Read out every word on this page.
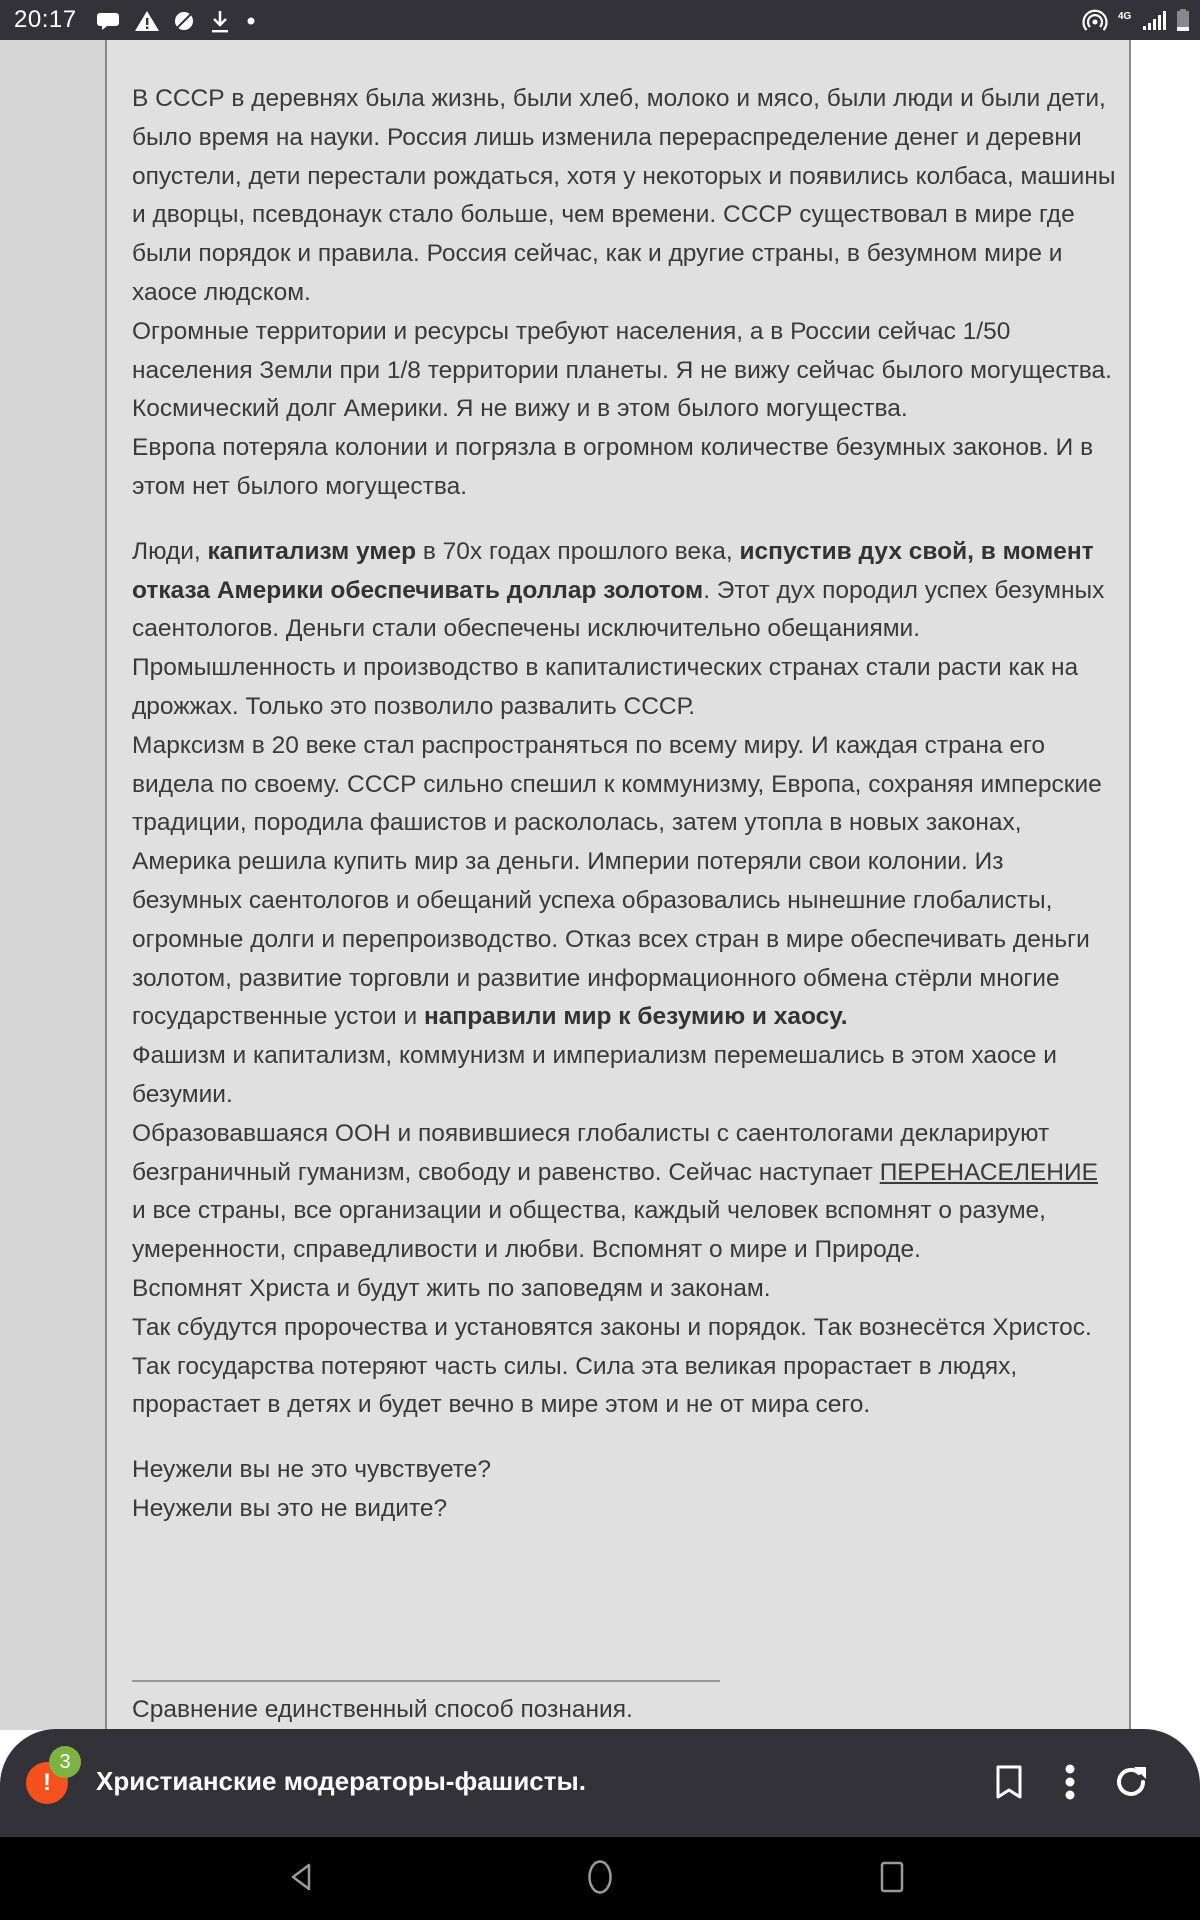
20:17	4G

В СССР в деревнях была жизнь, были хлеб, молоко и мясо, были люди и были дети, было время на науки. Россия лишь изменила перераспределение денег и деревни опустели, дети перестали рождаться, хотя у некоторых и появились колбаса, машины и дворцы, псевдонаук стало больше, чем времени. СССР существовал в мире где были порядок и правила. Россия сейчас, как и другие страны, в безумном мире и хаосе людском.

Огромные территории и ресурсы требуют населения, а в России сейчас 1/50 населения Земли при 1/8 территории планеты. Я не вижу сейчас былого могущества.

Космический долг Америки. Я не вижу и в этом былого могущества.

Европа потеряла колонии и погрязла в огромном количестве безумных законов. И в этом нет былого могущества.

Люди, капитализм умер в 70х годах прошлого века, испустив дух свой, в момент отказа Америки обеспечивать доллар золотом. Этот дух породил успех безумных саентологов. Деньги стали обеспечены исключительно обещаниями. Промышленность и производство в капиталистических странах стали расти как на дрожжах. Только это позволило развалить СССР.

Марксизм в 20 веке стал распространяться по всему миру. И каждая страна его видела по своему. СССР сильно спешил к коммунизму, Европа, сохраняя имперские традиции, породила фашистов и раскололась, затем утопла в новых законах, Америка решила купить мир за деньги. Империи потеряли свои колонии. Из безумных саентологов и обещаний успеха образовались нынешние глобалисты, огромные долги и перепроизводство. Отказ всех стран в мире обеспечивать деньги золотом, развитие торговли и развитие информационного обмена стёрли многие государственные устои и направили мир к безумию и хаосу.

Фашизм и капитализм, коммунизм и империализм перемешались в этом хаосе и безумии.

Образовавшаяся ООН и появившиеся глобалисты с саентологами декларируют безграничный гуманизм, свободу и равенство. Сейчас наступает ПЕРЕНАСЕЛЕНИЕ и все страны, все организации и общества, каждый человек вспомнят о разуме, умеренности, справедливости и любви. Вспомнят о мире и Природе.

Вспомнят Христа и будут жить по заповедям и законам.

Так сбудутся пророчества и установятся законы и порядок. Так вознесётся Христос. Так государства потеряют часть силы. Сила эта великая прорастает в людях, прорастает в детях и будет вечно в мире этом и не от мира сего.

Неужели вы не это чувствуете?

Неужели вы это не видите?

Сравнение единственный способ познания.
!
3
Христианские модераторы-фашисты.
